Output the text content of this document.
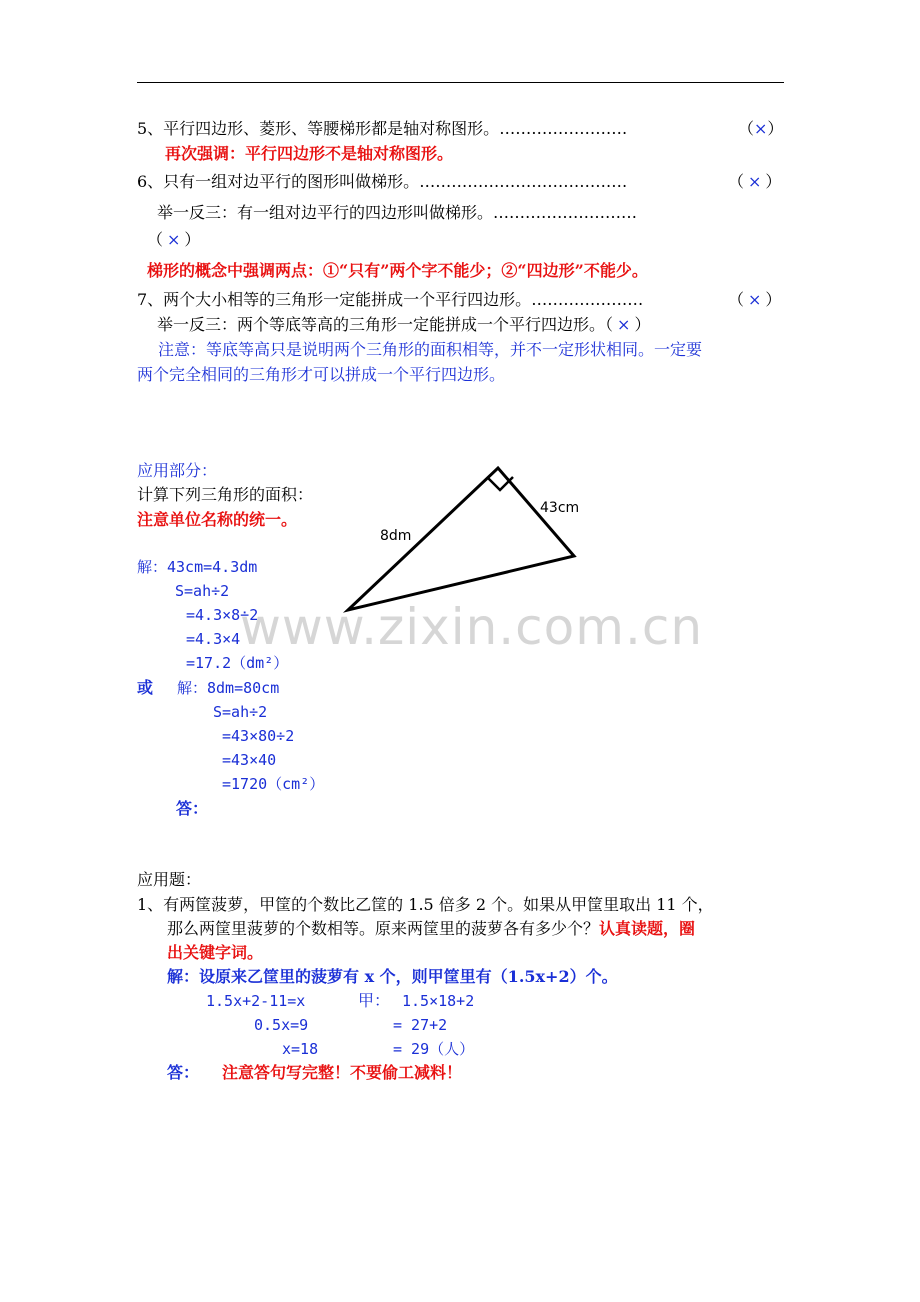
5、平行四边形、菱形、等腰梯形都是轴对称图形。……………………	（×）
再次强调：平行四边形不是轴对称图形。
6、只有一组对边平行的图形叫做梯形。…………………………………	（ × ）
举一反三：有一组对边平行的四边形叫做梯形。………………………
（ × ）
梯形的概念中强调两点：①“只有”两个字不能少；②“四边形”不能少。
7、两个大小相等的三角形一定能拼成一个平行四边形。…………………	（ × ）
举一反三：两个等底等高的三角形一定能拼成一个平行四边形。（ × ）
注意：等底等高只是说明两个三角形的面积相等，并不一定形状相同。一定要
两个完全相同的三角形才可以拼成一个平行四边形。
应用部分：
计算下列三角形的面积：
注意单位名称的统一。
8dm
43cm
解：43cm=4.3dm
S=ah÷2
=4.3×8÷2
=4.3×4
=17.2（dm²）
或 解：8dm=80cm
S=ah÷2
=43×80÷2
=43×40
=1720（cm²）
答：
应用题：
1、有两筐菠萝，甲筐的个数比乙筐的 1.5 倍多 2 个。如果从甲筐里取出 11 个，
那么两筐里菠萝的个数相等。原来两筐里的菠萝各有多少个？认真读题，圈
出关键字词。
解：设原来乙筐里的菠萝有 x 个，则甲筐里有（1.5x+2）个。
1.5x+2-11=x
0.5x=9
x=18
甲： 1.5×18+2
= 27+2
= 29（人）
答： 注意答句写完整！不要偷工减料！
www.zixin.com.cn
